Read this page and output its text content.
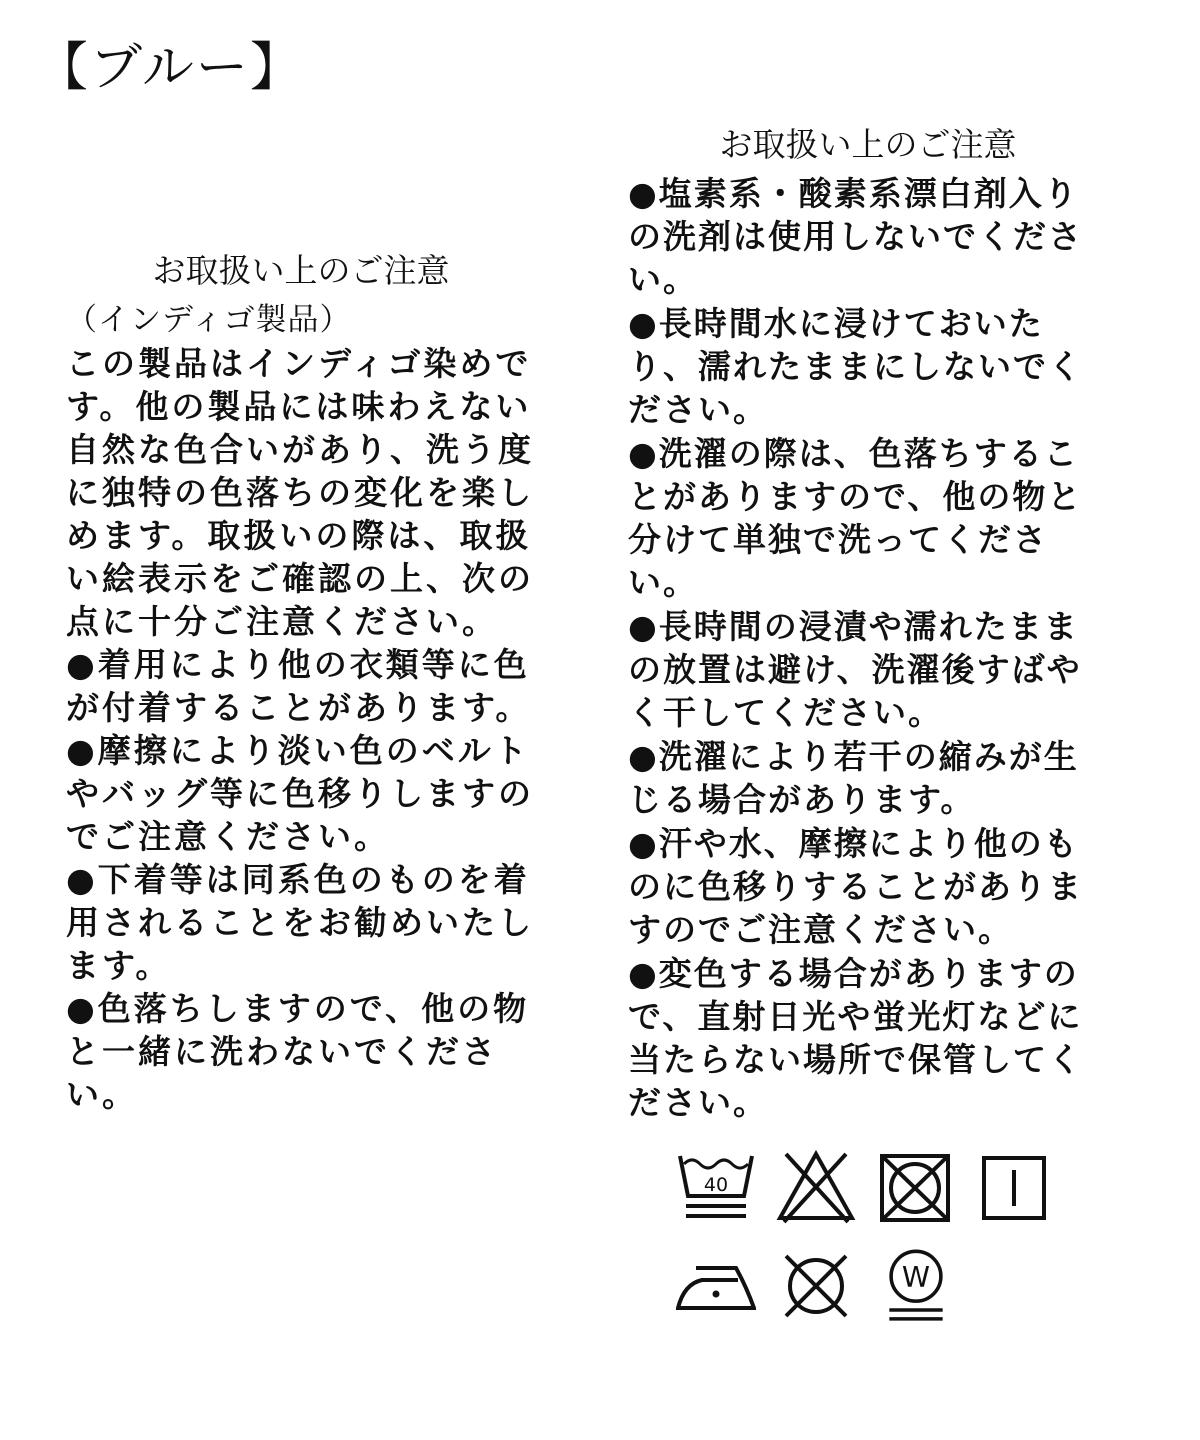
【ブルー】
お取扱い上のご注意
（インディゴ製品）
この製品はインディゴ染めです。他の製品には味わえない自然な色合いがあり、洗う度に独特の色落ちの変化を楽しめます。取扱いの際は、取扱い絵表示をご確認の上、次の点に十分ご注意ください。
●着用により他の衣類等に色が付着することがあります。
●摩擦により淡い色のベルトやバッグ等に色移りしますのでご注意ください。
●下着等は同系色のものを着用されることをお勧めいたします。
●色落ちしますので、他の物と一緒に洗わないでください。
お取扱い上のご注意
●塩素系・酸素系漂白剤入りの洗剤は使用しないでください。
●長時間水に浸けておいたり、濡れたままにしないでください。
●洗濯の際は、色落ちすることがありますので、他の物と分けて単独で洗ってください。
●長時間の浸漬や濡れたままの放置は避け、洗濯後すばやく干してください。
●洗濯により若干の縮みが生じる場合があります。
●汗や水、摩擦により他のものに色移りすることがありますのでご注意ください。
●変色する場合がありますので、直射日光や蛍光灯などに当たらない場所で保管してください。
40
W
